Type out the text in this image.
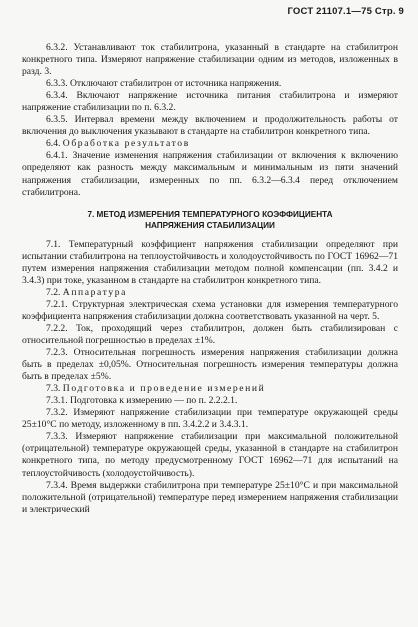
ГОСТ 21107.1—75 Стр. 9

6.3.2. Устанавливают ток стабилитрона, указанный в стандарте на стабилитрон конкретного типа. Измеряют напряжение стабилизации одним из методов, изложенных в разд. 3.

6.3.3. Отключают стабилитрон от источника напряжения.

6.3.4. Включают напряжение источника питания стабилитрона и измеряют напряжение стабилизации по п. 6.3.2.

6.3.5. Интервал времени между включением и продолжительность работы от включения до выключения указывают в стандарте на стабилитрон конкретного типа.

6.4. Обработка результатов

6.4.1. Значение изменения напряжения стабилизации от включения к включению определяют как разность между максимальным и минимальным из пяти значений напряжения стабилизации, измеренных по пп. 6.3.2—6.3.4 перед отключением стабилитрона.

7. МЕТОД ИЗМЕРЕНИЯ ТЕМПЕРАТУРНОГО КОЭФФИЦИЕНТА
НАПРЯЖЕНИЯ СТАБИЛИЗАЦИИ

7.1. Температурный коэффициент напряжения стабилизации определяют при испытании стабилитрона на теплоустойчивость и холодоустойчивость по ГОСТ 16962—71 путем измерения напряжения стабилизации методом полной компенсации (пп. 3.4.2 и 3.4.3) при токе, указанном в стандарте на стабилитрон конкретного типа.

7.2. Аппаратура

7.2.1. Структурная электрическая схема установки для измерения температурного коэффициента напряжения стабилизации должна соответствовать указанной на черт. 5.

7.2.2. Ток, проходящий через стабилитрон, должен быть стабилизирован с относительной погрешностью в пределах ±1%.

7.2.3. Относительная погрешность измерения напряжения стабилизации должна быть в пределах ±0,05%. Относительная погрешность измерения температуры должна быть в пределах ±5%.

7.3. Подготовка и проведение измерений

7.3.1. Подготовка к измерению — по п. 2.2.2.1.

7.3.2. Измеряют напряжение стабилизации при температуре окружающей среды 25±10°С по методу, изложенному в пп. 3.4.2.2 и 3.4.3.1.

7.3.3. Измеряют напряжение стабилизации при максимальной положительной (отрицательной) температуре окружающей среды, указанной в стандарте на стабилитрон конкретного типа, по методу предусмотренному ГОСТ 16962—71 для испытаний на теплоустойчивость (холодоустойчивость).

7.3.4. Время выдержки стабилитрона при температуре 25±10°С и при максимальной положительной (отрицательной) температуре перед измерением напряжения стабилизации и электрический
